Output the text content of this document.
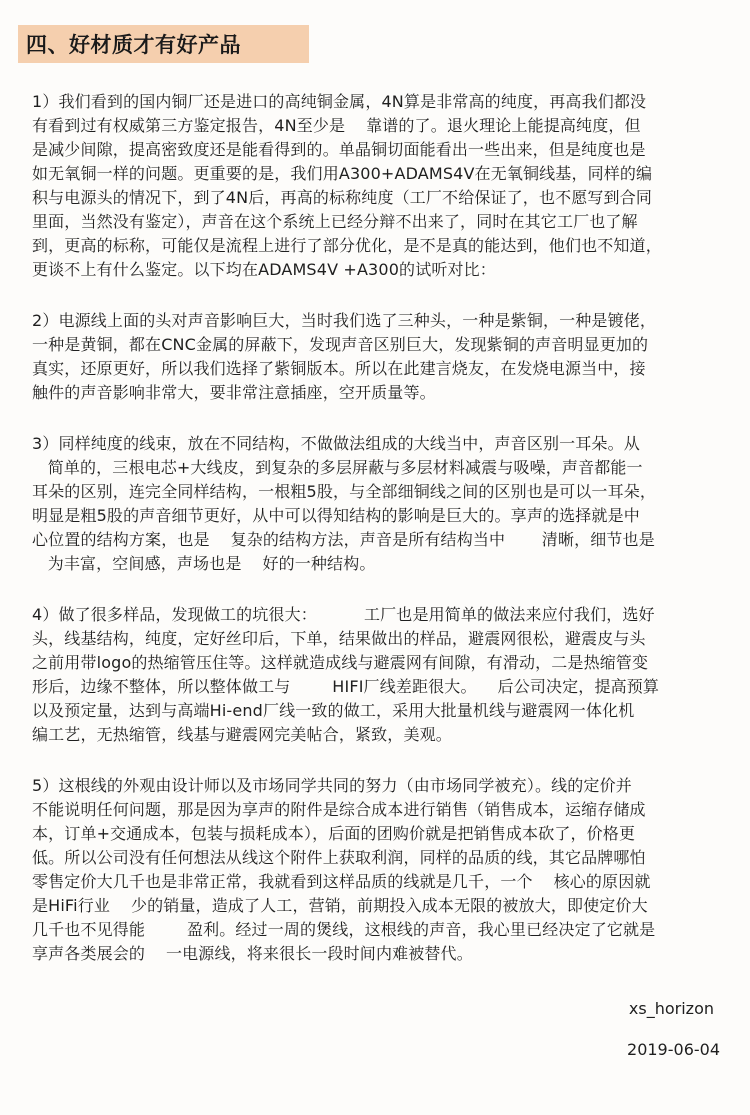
四、好材质才有好产品
1）我们看到的国内铜厂还是进口的高纯铜金属，4N算是非常高的纯度，再高我们都没
有看到过有权威第三方鉴定报告，4N至少是    靠谱的了。退火理论上能提高纯度，但
是减少间隙，提高密致度还是能看得到的。单晶铜切面能看出一些出来，但是纯度也是
如无氧铜一样的问题。更重要的是，我们用A300+ADAMS4V在无氧铜线基，同样的编
积与电源头的情况下，到了4N后，再高的标称纯度（工厂不给保证了，也不愿写到合同
里面，当然没有鉴定），声音在这个系统上已经分辩不出来了，同时在其它工厂也了解
到，更高的标称，可能仅是流程上进行了部分优化，是不是真的能达到，他们也不知道，
更谈不上有什么鉴定。以下均在ADAMS4V +A300的试听对比：
2）电源线上面的头对声音影响巨大，当时我们选了三种头，一种是紫铜，一种是镀佬，
一种是黄铜，都在CNC金属的屏蔽下，发现声音区别巨大，发现紫铜的声音明显更加的
真实，还原更好，所以我们选择了紫铜版本。所以在此建言烧友，在发烧电源当中，接
触件的声音影响非常大，要非常注意插座，空开质量等。
3）同样纯度的线束，放在不同结构，不做做法组成的大线当中，声音区别一耳朵。从
简单的，三根电芯+大线皮，到复杂的多层屏蔽与多层材料减震与吸噪，声音都能一
耳朵的区别，连完全同样结构，一根粗5股，与全部细铜线之间的区别也是可以一耳朵，
明显是粗5股的声音细节更好，从中可以得知结构的影响是巨大的。享声的选择就是中
心位置的结构方案，也是    复杂的结构方法，声音是所有结构当中       清晰，细节也是
为丰富，空间感，声场也是    好的一种结构。
4）做了很多样品，发现做工的坑很大：         工厂也是用简单的做法来应付我们，选好
头，线基结构，纯度，定好丝印后，下单，结果做出的样品，避震网很松，避震皮与头
之前用带logo的热缩管压住等。这样就造成线与避震网有间隙，有滑动，二是热缩管变
形后，边缘不整体，所以整体做工与        HIFI厂线差距很大。    后公司决定，提高预算
以及预定量，达到与高端Hi-end厂线一致的做工，采用大批量机线与避震网一体化机
编工艺，无热缩管，线基与避震网完美帖合，紧致，美观。
5）这根线的外观由设计师以及市场同学共同的努力（由市场同学被充）。线的定价并
不能说明任何问题，那是因为享声的附件是综合成本进行销售（销售成本，运缩存储成
本，订单+交通成本，包装与损耗成本），后面的团购价就是把销售成本砍了，价格更
低。所以公司没有任何想法从线这个附件上获取利润，同样的品质的线，其它品牌哪怕
零售定价大几千也是非常正常，我就看到这样品质的线就是几千，一个    核心的原因就
是HiFi行业    少的销量，造成了人工，营销，前期投入成本无限的被放大，即使定价大
几千也不见得能        盈利。经过一周的煲线，这根线的声音，我心里已经决定了它就是
享声各类展会的    一电源线，将来很长一段时间内难被替代。
xs_horizon
2019-06-04
